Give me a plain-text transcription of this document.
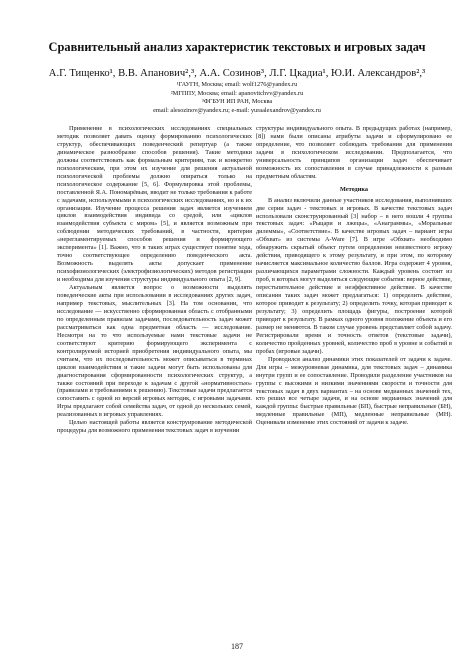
Сравнительный анализ характеристик текстовых и игровых задач
А.Г. Тищенко¹, В.В. Апанович²,³, А.А. Созинов³, Л.Г. Цкадиа¹, Ю.И. Александров²,³
¹ГАУГН, Москва; email: wolf1276@yandex.ru
²МГППУ, Москва; email: apanovitchvv@yandex.ru
³ФГБУН ИП РАН, Москва
email: alesozinov@yandex.ru; e-mail: yuraalexandrov@yandex.ru

Применение в психологических исследованиях специальных методик позволяет давать оценку формированию психологических структур, обеспечивающих поведенческий репертуар (а также динамическое разнообразие способов решения). Такие методики должны соответствовать как формальным критериям, так и конкретно психологическим, при этом их изучение для решения актуальной психологической проблемы должно опираться только на психологическое содержание [5, 6]. Формулировка этой проблемы, поставленной Я.А. Пономарёвым, вводит не только требования к работе с задачами, используемыми в психологических исследованиях, но и к их организации. Изучение процесса решения задач является изучением циклов взаимодействия индивида со средой, или «циклов взаимодействия субъекта с миром» [5], и является возможным при соблюдении методических требований, в частности, критерия «нерегламентируемых способов решения и формирующего эксперимента» [1]. Важно, что в таких играх существует понятие хода, точно соответствующее определению поведенческого акта. Возможность выделять акты допускает применение психофизиологических (электрофизиологических) методов регистрации и необходима для изучения структуры индивидуального опыта [2, 9].

Актуальным является вопрос о возможности выделять поведенческие акты при использовании в исследованиях других задач, например текстовых, мыслительных [3]. На том основании, что исследование — искусственно сформированная область с отобранными по определенным правилам задачами, последовательность задач может рассматриваться как одна предметная область — исследование. Несмотря на то что используемые нами текстовые задачи не соответствуют критерию формирующего эксперимента с контролируемой историей приобретения индивидуального опыта, мы считаем, что их последовательность может описываться в терминах циклов взаимодействия и такие задачи могут быть использованы для диагностирования сформированности психологических структур, а также состояний при переходе к задачам с другой «нормативностью» (правилами и требованиями к решению). Текстовые задачи предлагается сопоставить с одной из версий игровых методик, с игровыми задачами. Игры предлагают собой семейства задач, от одной до нескольких семей, реализованных в игровых управлениях.

Целью настоящей работы является конструирование методической процедуры для возможного применения текстовых задач в изучении

структуры индивидуального опыта. В предыдущих работах (например, [8]) нами были описаны атрибуты задачи и сформулировано ее определение, что позволяет соблюдать требования для применения задачи в психологическом исследовании. Предполагается, что универсальность принципов организации задач обеспечивает возможность их сопоставления в случае принадлежности к разным предметным областям.

Методика

В анализ включили данные участников исследования, выполнявших две серии задач - текстовых и игровых. В качестве текстовых задач использовали сконструированный [3] набор – в него вошли 4 группы текстовых задач: «Рыцари и лжецы», «Анаграммы», «Моральные дилеммы», «Соответствие». В качестве игровых задач – вариант игры «Обхват» из системы A-Ware [7]. В игре «Обхват» необходимо обнаружить скрытый объект путем определения неизвестного игроку действия, приводящего к этому результату, и при этом, по которому начисляется максимальное количество баллов. Игра содержит 4 уровня, различающихся параметрами сложности. Каждый уровень состоит из проб, в которых могут выделяться следующие события: верное действие, перестъпительное действие и неэффективное действие. В качестве описания таких задач может предлагаться: 1) определить действие, которое приводит к результату; 2) определить точку, которая приводит к результату; 3) определить площадь фигуры, построение которой приводит к результату. В рамках одного уровня положение объекта и его размер не меняются. В таком случае уровень представляет собой задачу. Регистрировали время и точность ответов (текстовые задачи), количество пройденных уровней, количество проб в уровне и событий в пробах (игровые задачи).

Проводился анализ динамики этих показателей от задачи к задаче. Для игры – межуровневая динамика, для текстовых задач – динамика внутри групп и ее сопоставление. Проводили разделение участников на группы с высокими и низкими значениями скорости и точности для текстовых задач в двух вариантах – на основе медианных значений тех, кто решил все четыре задачи, и на основе медианных значений для каждой группы: быстрые правильные (БП), быстрые неправильные (БН), медленные правильные (МП), медленные неправильные (МН). Оценивали изменение этих состояний от задачи к задаче.

187
